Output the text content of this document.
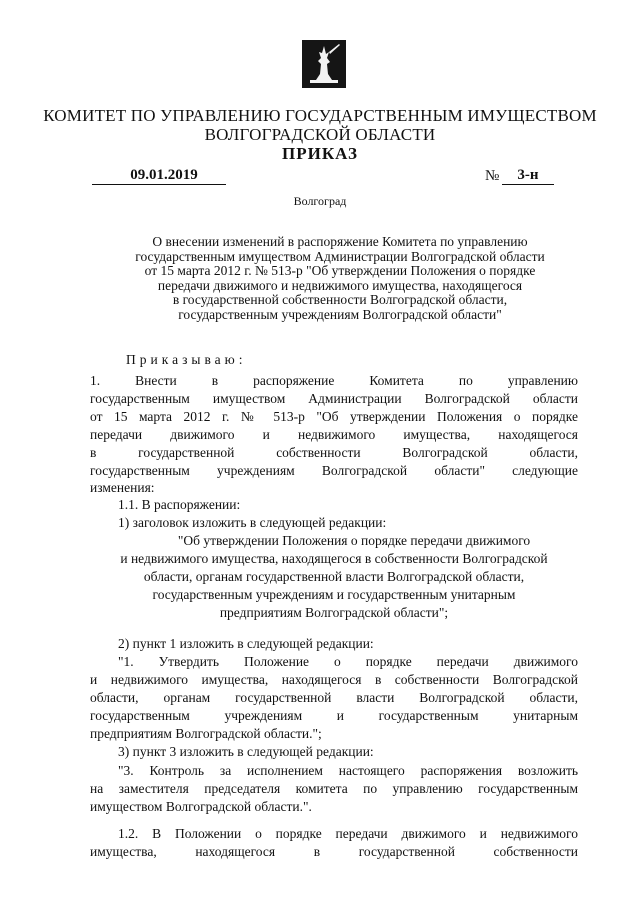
КОМИТЕТ ПО УПРАВЛЕНИЮ ГОСУДАРСТВЕННЫМ ИМУЩЕСТВОМ
ВОЛГОГРАДСКОЙ ОБЛАСТИ
ПРИКАЗ
09.01.2019	№	3-н
Волгоград
О внесении изменений в распоряжение Комитета по управлению
государственным имуществом Администрации Волгоградской области
от 15 марта 2012 г. № 513-р "Об утверждении Положения о порядке
передачи движимого и недвижимого имущества, находящегося
в государственной собственности Волгоградской области,
государственным учреждениям Волгоградской области"
Приказываю:
1. Внести в распоряжение Комитета по управлению
государственным имуществом Администрации Волгоградской области
от 15 марта 2012 г. № 513-р "Об утверждении Положения о порядке
передачи движимого и недвижимого имущества, находящегося
в государственной собственности Волгоградской области,
государственным учреждениям Волгоградской области" следующие
изменения:
1.1. В распоряжении:
1) заголовок изложить в следующей редакции:
"Об утверждении Положения о порядке передачи движимого
и недвижимого имущества, находящегося в собственности Волгоградской
области, органам государственной власти Волгоградской области,
государственным учреждениям и государственным унитарным
предприятиям Волгоградской области";
2) пункт 1 изложить в следующей редакции:
"1. Утвердить Положение о порядке передачи движимого
и недвижимого имущества, находящегося в собственности Волгоградской
области, органам государственной власти Волгоградской области,
государственным учреждениям и государственным унитарным
предприятиям Волгоградской области.";
3) пункт 3 изложить в следующей редакции:
"3. Контроль за исполнением настоящего распоряжения возложить
на заместителя председателя комитета по управлению государственным
имуществом Волгоградской области.".
1.2. В Положении о порядке передачи движимого и недвижимого
имущества, находящегося в государственной собственности
